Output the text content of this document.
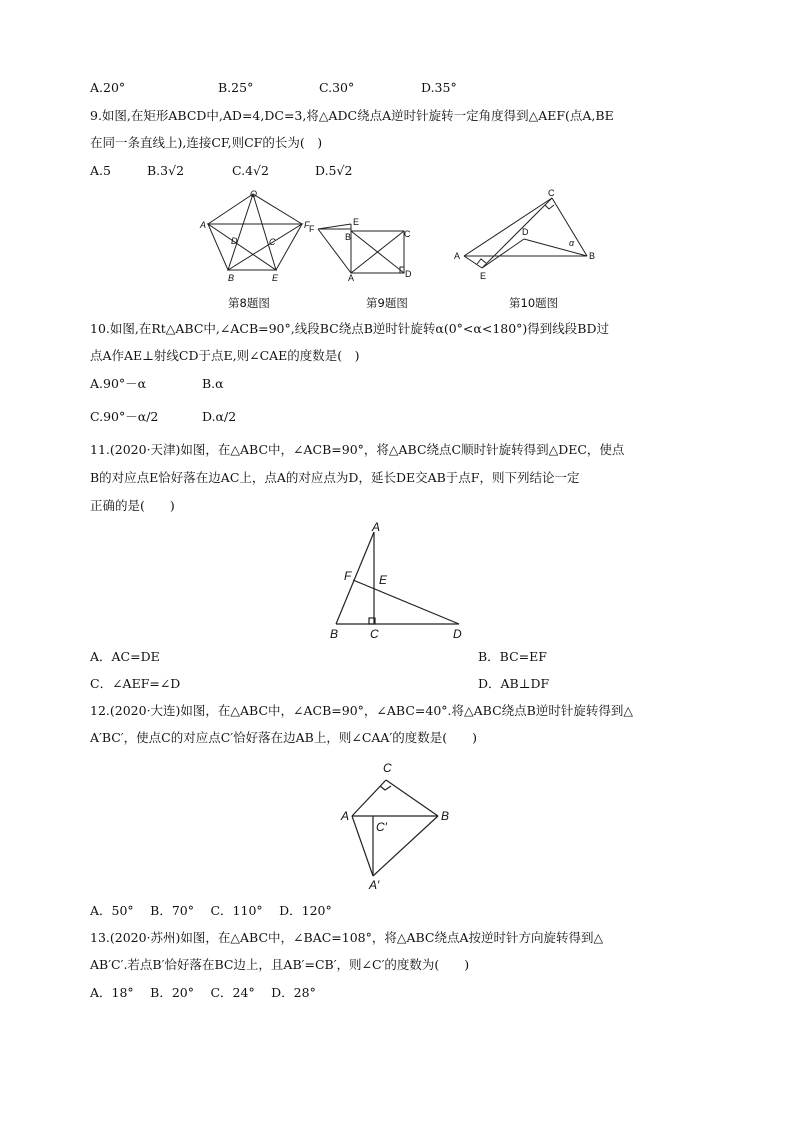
A.20°	B.25°	C.30°	D.35°
9.如图,在矩形ABCD中,AD=4,DC=3,将△ADC绕点A逆时针旋转一定角度得到△AEF(点A,BE
在同一条直线上),连接CF,则CF的长为(　)
A.5	B.3√2	C.4√2	D.5√2
O
A	F
D	C
B	E
第8题图
F
E
B	C
A	D
第9题图
C
D
α
A	B
E
第10题图
10.如图,在Rt△ABC中,∠ACB=90°,线段BC绕点B逆时针旋转α(0°<α<180°)得到线段BD过
点A作AE⊥射线CD于点E,则∠CAE的度数是(　)
A.90°－α	B.α
C.90°－α/2	D.α/2
11.(2020·天津)如图，在△ABC中，∠ACB=90°，将△ABC绕点C顺时针旋转得到△DEC，使点
B的对应点E恰好落在边AC上，点A的对应点为D，延长DE交AB于点F，则下列结论一定
正确的是(　　)
A
F E
B	C	D
A．AC=DE	B．BC=EF
C．∠AEF=∠D	D．AB⊥DF
12.(2020·大连)如图，在△ABC中，∠ACB=90°，∠ABC=40°.将△ABC绕点B逆时针旋转得到△
A′BC′，使点C的对应点C′恰好落在边AB上，则∠CAA′的度数是(　　)
C
A	B
C′
A′
A．50°　 B．70°　 C．110°　 D．120°
13.(2020·苏州)如图，在△ABC中，∠BAC=108°，将△ABC绕点A按逆时针方向旋转得到△
AB′C′.若点B′恰好落在BC边上，且AB′=CB′，则∠C′的度数为(　　)
A．18°　 B．20°　 C．24°　 D．28°
